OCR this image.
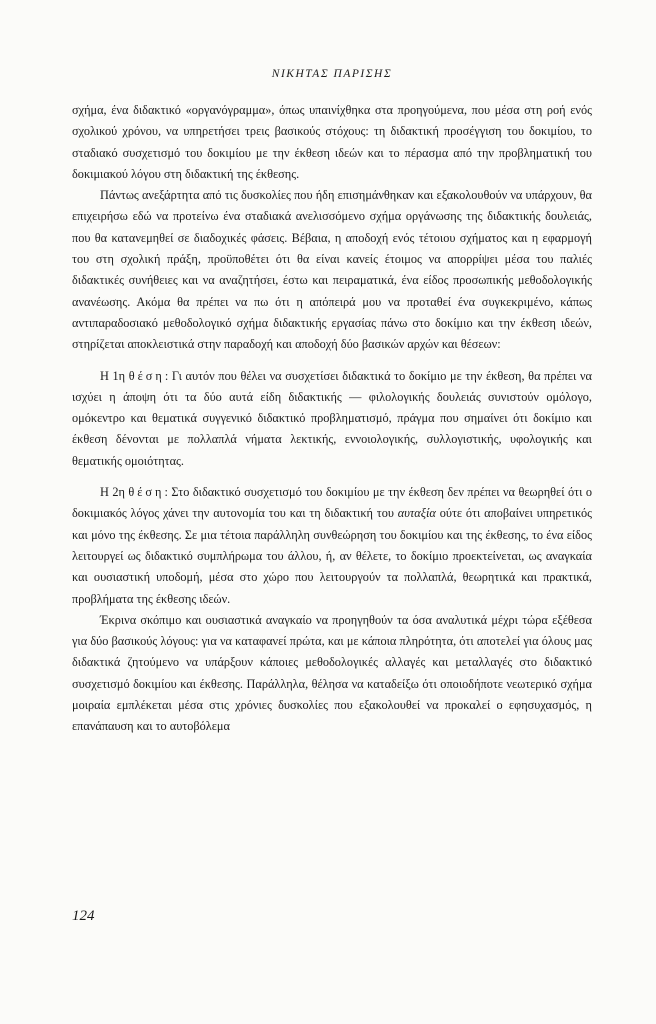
ΝΙΚΗΤΑΣ ΠΑΡΙΣΗΣ

σχήμα, ένα διδακτικό «οργανόγραμμα», όπως υπαινίχθηκα στα προηγούμενα, που μέσα στη ροή ενός σχολικού χρόνου, να υπηρετήσει τρεις βασικούς στόχους: τη διδακτική προσέγγιση του δοκιμίου, το σταδιακό συσχετισμό του δοκιμίου με την έκθεση ιδεών και το πέρασμα από την προβληματική του δοκιμιακού λόγου στη διδακτική της έκθεσης.

Πάντως ανεξάρτητα από τις δυσκολίες που ήδη επισημάνθηκαν και εξακολουθούν να υπάρχουν, θα επιχειρήσω εδώ να προτείνω ένα σταδιακά ανελισσόμενο σχήμα οργάνωσης της διδακτικής δουλειάς, που θα κατανεμηθεί σε διαδοχικές φάσεις. Βέβαια, η αποδοχή ενός τέτοιου σχήματος και η εφαρμογή του στη σχολική πράξη, προϋποθέτει ότι θα είναι κανείς έτοιμος να απορρίψει μέσα του παλιές διδακτικές συνήθειες και να αναζητήσει, έστω και πειραματικά, ένα είδος προσωπικής μεθοδολογικής ανανέωσης. Ακόμα θα πρέπει να πω ότι η απόπειρά μου να προταθεί ένα συγκεκριμένο, κάπως αντιπαραδοσιακό μεθοδολογικό σχήμα διδακτικής εργασίας πάνω στο δοκίμιο και την έκθεση ιδεών, στηρίζεται αποκλειστικά στην παραδοχή και αποδοχή δύο βασικών αρχών και θέσεων:

Η 1η θέση: Γι αυτόν που θέλει να συσχετίσει διδακτικά το δοκίμιο με την έκθεση, θα πρέπει να ισχύει η άποψη ότι τα δύο αυτά είδη διδακτικής — φιλολογικής δουλειάς συνιστούν ομόλογο, ομόκεντρο και θεματικά συγγενικό διδακτικό προβληματισμό, πράγμα που σημαίνει ότι δοκίμιο και έκθεση δένονται με πολλαπλά νήματα λεκτικής, εννοιολογικής, συλλογιστικής, υφολογικής και θεματικής ομοιότητας.

Η 2η θέση: Στο διδακτικό συσχετισμό του δοκιμίου με την έκθεση δεν πρέπει να θεωρηθεί ότι ο δοκιμιακός λόγος χάνει την αυτονομία του και τη διδακτική του αυταξία ούτε ότι αποβαίνει υπηρετικός και μόνο της έκθεσης. Σε μια τέτοια παράλληλη συνθεώρηση του δοκιμίου και της έκθεσης, το ένα είδος λειτουργεί ως διδακτικό συμπλήρωμα του άλλου, ή, αν θέλετε, το δοκίμιο προεκτείνεται, ως αναγκαία και ουσιαστική υποδομή, μέσα στο χώρο που λειτουργούν τα πολλαπλά, θεωρητικά και πρακτικά, προβλήματα της έκθεσης ιδεών.

Έκρινα σκόπιμο και ουσιαστικά αναγκαίο να προηγηθούν τα όσα αναλυτικά μέχρι τώρα εξέθεσα για δύο βασικούς λόγους: για να καταφανεί πρώτα, και με κάποια πληρότητα, ότι αποτελεί για όλους μας διδακτικά ζητούμενο να υπάρξουν κάποιες μεθοδολογικές αλλαγές και μεταλλαγές στο διδακτικό συσχετισμό δοκιμίου και έκθεσης. Παράλληλα, θέλησα να καταδείξω ότι οποιοδήποτε νεωτερικό σχήμα μοιραία εμπλέκεται μέσα στις χρόνιες δυσκολίες που εξακολουθεί να προκαλεί ο εφησυχασμός, η επανάπαυση και το αυτοβόλεμα

124
